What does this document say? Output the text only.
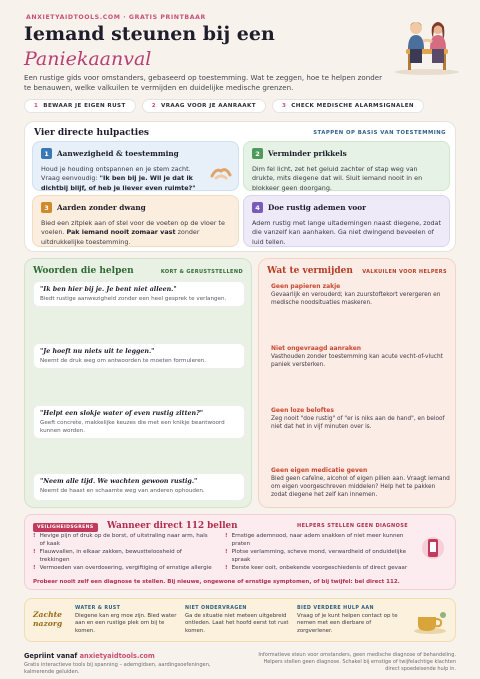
ANXIETYAIDTOOLS.COM · GRATIS PRINTBAAR
Iemand steunen bij een
Paniekaanval
Een rustige gids voor omstanders, gebaseerd op toestemming. Wat te zeggen, hoe te helpen zonder te benauwen, welke valkuilen te vermijden en duidelijke medische grenzen.
1 BEWAAR JE EIGEN RUST	2 VRAAG VOOR JE AANRAAKT	3 CHECK MEDISCHE ALARMSIGNALEN
Vier directe hulpacties	STAPPEN OP BASIS VAN TOESTEMMING
1	Aanwezigheid & toestemming
Houd je houding ontspannen en je stem zacht. Vraag eenvoudig: "Ik ben bij je. Wil je dat ik dichtbij blijf, of heb je liever even ruimte?"
2	Verminder prikkels
Dim fel licht, zet het geluid zachter of stap weg van drukte, mits diegene dat wil. Sluit iemand nooit in en blokkeer geen doorgang.
3	Aarden zonder dwang
Bied een zitplek aan of stel voor de voeten op de vloer te voelen. Pak iemand nooit zomaar vast zonder uitdrukkelijke toestemming.
4	Doe rustig ademen voor
Adem rustig met lange uitademingen naast diegene, zodat die vanzelf kan aanhaken. Ga niet dwingend beveelen of luid tellen.
Woorden die helpen	KORT & GERUSTSTELLEND
"Ik ben hier bij je. Je bent niet alleen."
Biedt rustige aanwezigheid zonder een heel gesprek te verlangen.
"Je hoeft nu niets uit te leggen."
Neemt de druk weg om antwoorden te moeten formuleren.
"Helpt een slokje water of even rustig zitten?"
Geeft concrete, makkelijke keuzes die met een knikje beantwoord kunnen worden.
"Neem alle tijd. We wachten gewoon rustig."
Neemt de haast en schaamte weg van anderen ophouden.
Wat te vermijden VALKUILEN VOOR HELPERS
Geen papieren zakje
Gevaarlijk en verouderd; kan zuurstoftekort verergeren en medische noodsituaties maskeren.
Niet ongevraagd aanraken
Vasthouden zonder toestemming kan acute vecht-of-vlucht paniek versterken.
Geen loze beloftes
Zeg nooit "doe rustig" of "er is niks aan de hand", en beloof niet dat het in vijf minuten over is.
Geen eigen medicatie geven
Bied geen cafeïne, alcohol of eigen pillen aan. Vraagt iemand om eigen voorgeschreven middelen? Help het te pakken zodat diegene het zelf kan innemen.
VEILIGHEIDSGRENS	Wanneer direct 112 bellen	HELPERS STELLEN GEEN DIAGNOSE
! Hevige pijn of druk op de borst, of uitstraling naar arm, hals of kaak
! Flauwvallen, in elkaar zakken, bewustteloosheid of trekkingen
! Vermoeden van overdosering, vergiftiging of ernstige allergie
! Ernstige ademnood, naar adem snakken of niet meer kunnen praten
! Plotse verlamming, scheve mond, verwardheid of onduidelijke spraak
! Eerste keer ooit, onbekende voorgeschiedenis of direct gevaar
Probeer nooit zelf een diagnose te stellen. Bij nieuwe, ongewone of ernstige symptomen, of bij twijfel: bel direct 112.
Zachte nazorg
WATER & RUST
Diegene kan erg moe zijn. Bied water aan en een rustige plek om bij te komen.
NIET ONDERVRAGEN
Ga de situatie niet meteen uitgebreid ontleden. Laat het hoofd eerst tot rust komen.
BIED VERDERE HULP AAN
Vraag of je kunt helpen contact op te nemen met een dierbare of zorgverlener.
Gepriint vanaf anxietyaidtools.com
Gratis interactieve tools bij spanning – ademgidsen, aardingsoefeningen, kalmerende geluiden.
Informatieve steun voor omstanders, geen medische diagnose of behandeling. Helpers stellen geen diagnose. Schakel bij ernstige of twijfelachtige klachten direct spoedeisende hulp in.
